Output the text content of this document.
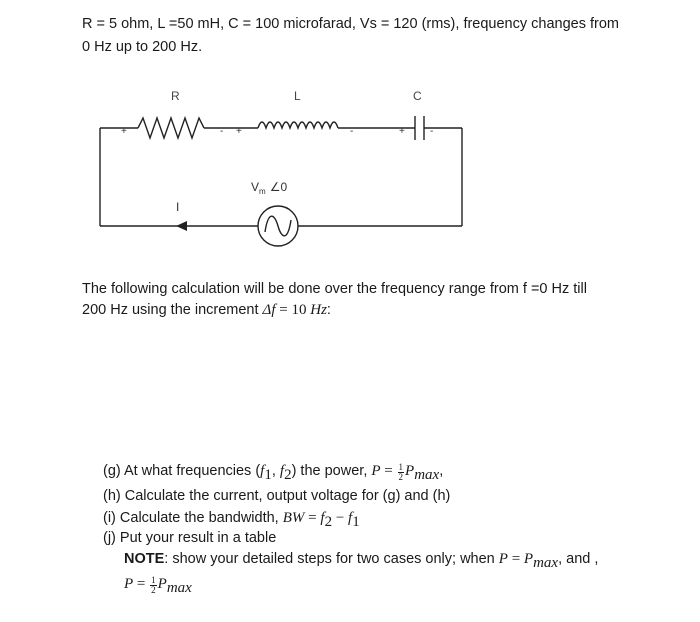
R = 5 ohm, L =50 mH, C = 100 microfarad, Vs = 120 (rms), frequency changes from
0 Hz up to 200 Hz.
R	L	C
I
+	- +	-	+	-
$V_m$ ∠0
The following calculation will be done over the frequency range from f =0 Hz till
200 Hz using the increment Δf = 10 Hz:
(g) At what frequencies ($f_1$, $f_2$) the power, $P = \frac{1}{2} P_{max}$,
(h) Calculate the current, output voltage for (g) and (h)
(i) Calculate the bandwidth, BW = $f_2 - f_1$
(j) Put your result in a table
NOTE: show your detailed steps for two cases only; when $P = P_{max}$, and ,
$P = \frac{1}{2} P_{max}$
